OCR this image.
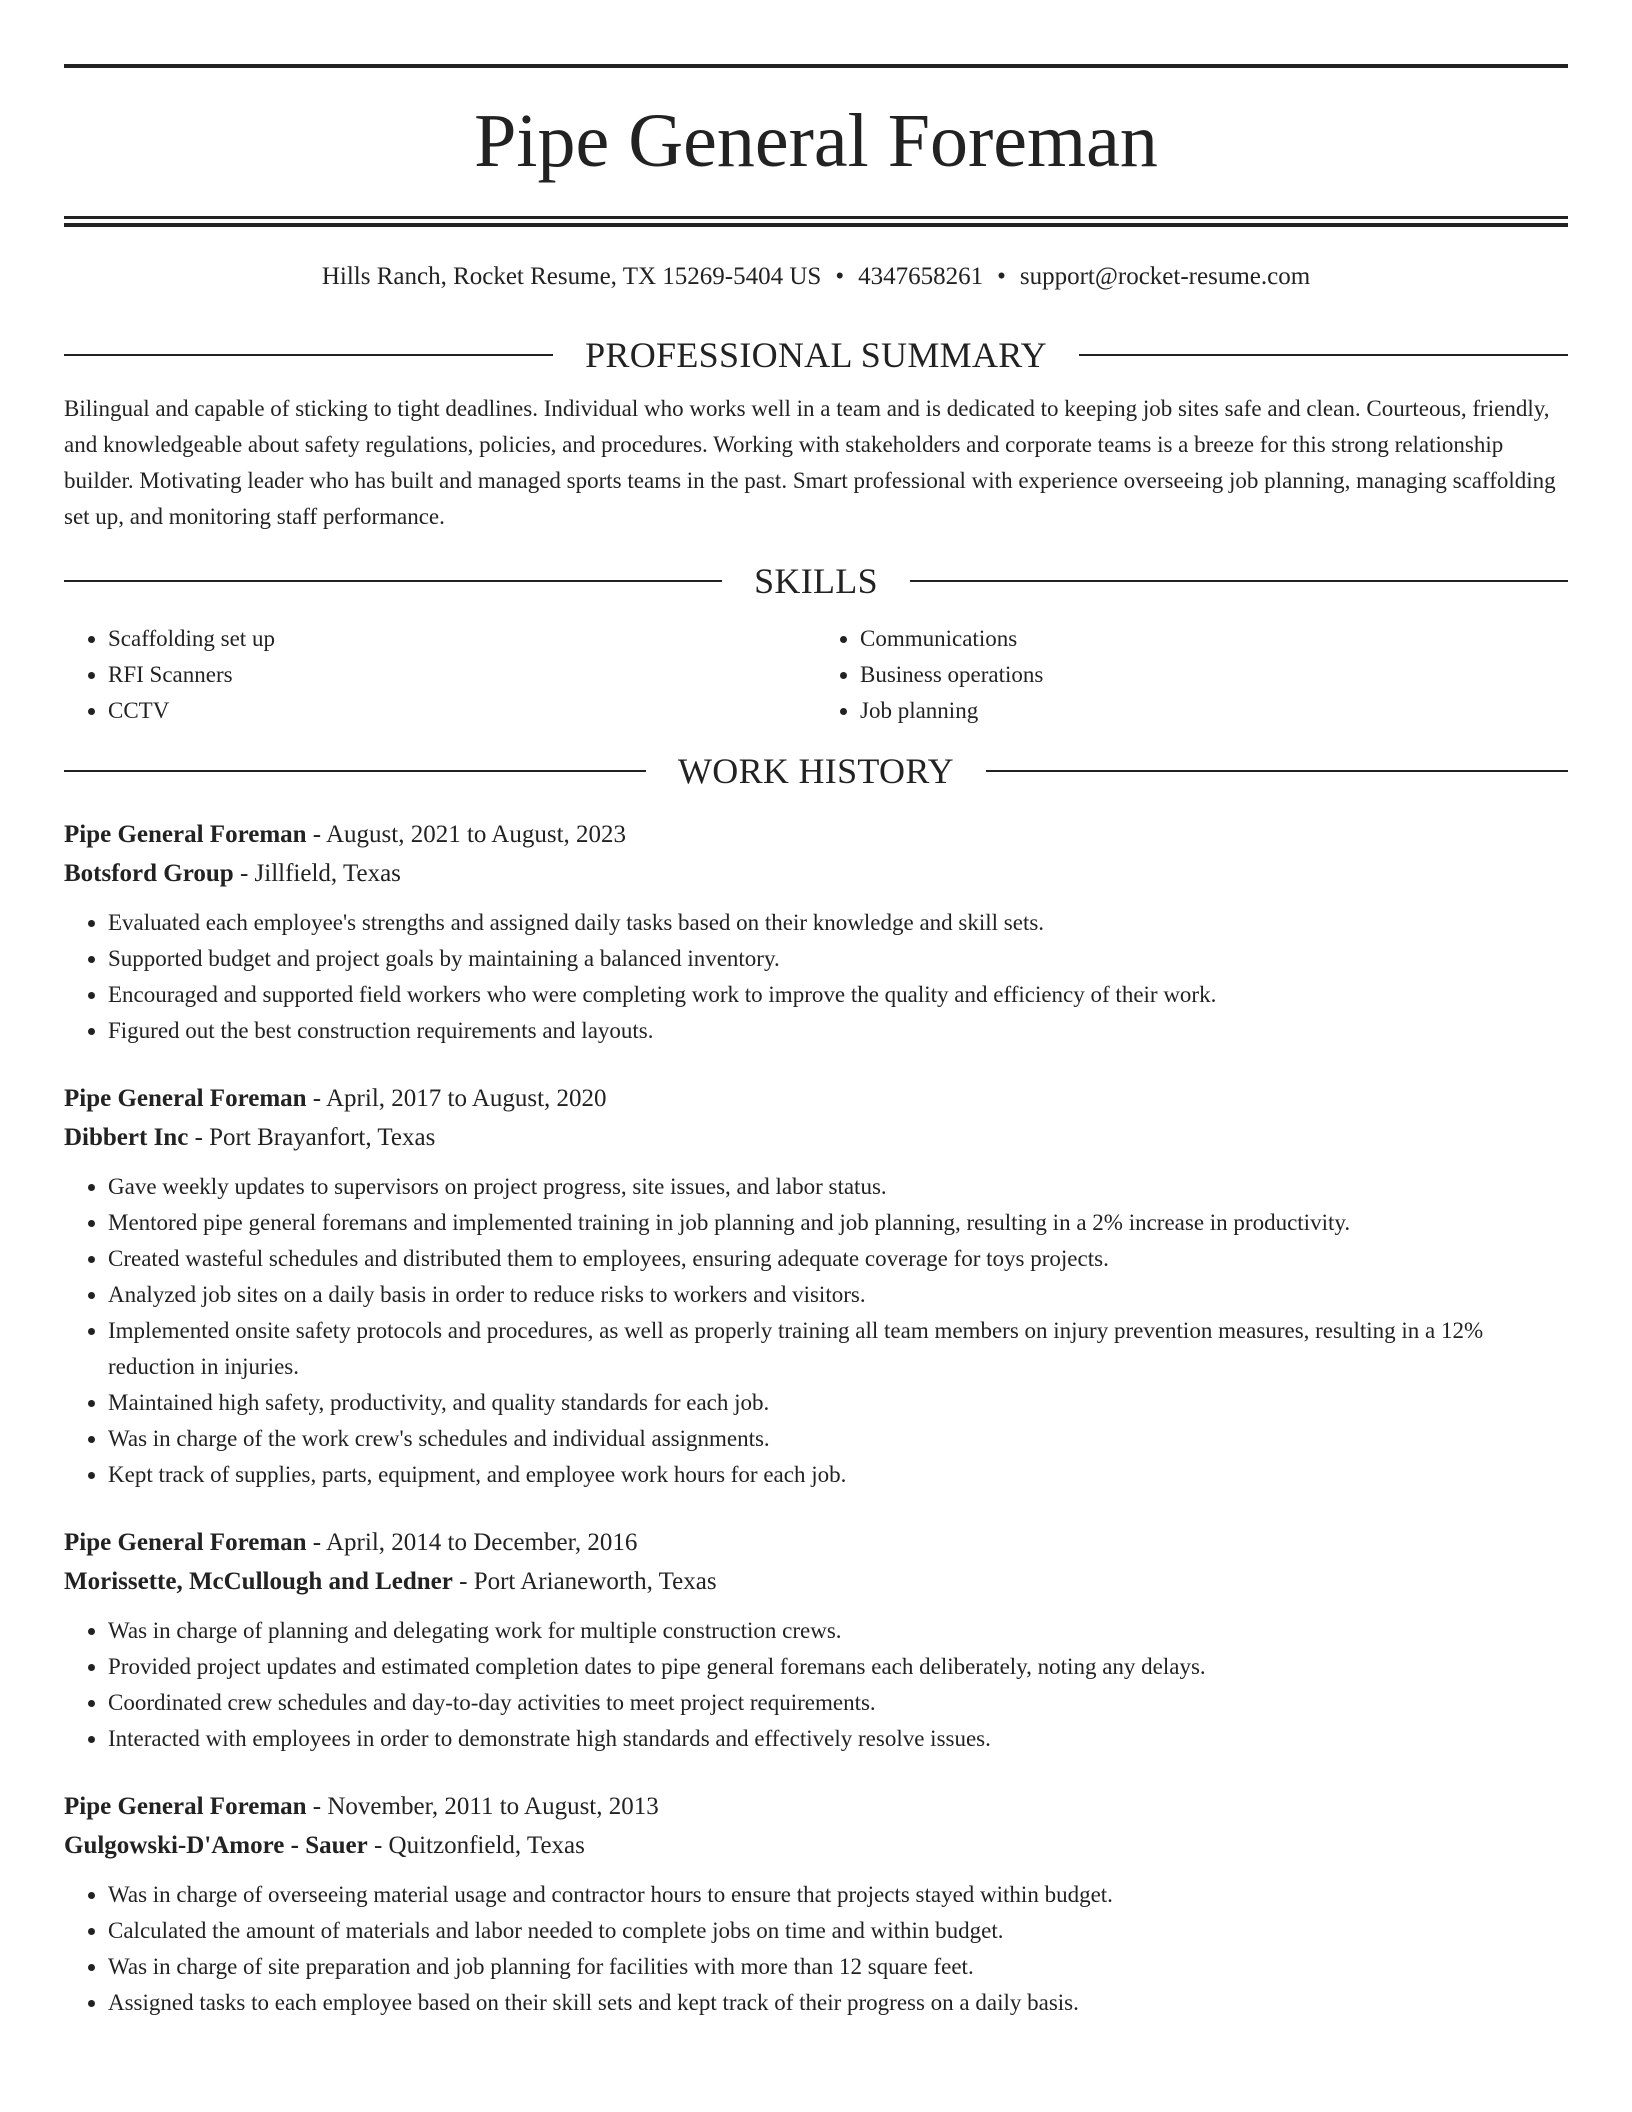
Pipe General Foreman
Hills Ranch, Rocket Resume, TX 15269-5404 US • 4347658261 • support@rocket-resume.com
PROFESSIONAL SUMMARY
Bilingual and capable of sticking to tight deadlines. Individual who works well in a team and is dedicated to keeping job sites safe and clean. Courteous, friendly, and knowledgeable about safety regulations, policies, and procedures. Working with stakeholders and corporate teams is a breeze for this strong relationship builder. Motivating leader who has built and managed sports teams in the past. Smart professional with experience overseeing job planning, managing scaffolding set up, and monitoring staff performance.
SKILLS
• Scaffolding set up
• RFI Scanners
• CCTV
• Communications
• Business operations
• Job planning
WORK HISTORY
Pipe General Foreman - August, 2021 to August, 2023
Botsford Group - Jillfield, Texas
• Evaluated each employee's strengths and assigned daily tasks based on their knowledge and skill sets.
• Supported budget and project goals by maintaining a balanced inventory.
• Encouraged and supported field workers who were completing work to improve the quality and efficiency of their work.
• Figured out the best construction requirements and layouts.
Pipe General Foreman - April, 2017 to August, 2020
Dibbert Inc - Port Brayanfort, Texas
• Gave weekly updates to supervisors on project progress, site issues, and labor status.
• Mentored pipe general foremans and implemented training in job planning and job planning, resulting in a 2% increase in productivity.
• Created wasteful schedules and distributed them to employees, ensuring adequate coverage for toys projects.
• Analyzed job sites on a daily basis in order to reduce risks to workers and visitors.
• Implemented onsite safety protocols and procedures, as well as properly training all team members on injury prevention measures, resulting in a 12% reduction in injuries.
• Maintained high safety, productivity, and quality standards for each job.
• Was in charge of the work crew's schedules and individual assignments.
• Kept track of supplies, parts, equipment, and employee work hours for each job.
Pipe General Foreman - April, 2014 to December, 2016
Morissette, McCullough and Ledner - Port Arianeworth, Texas
• Was in charge of planning and delegating work for multiple construction crews.
• Provided project updates and estimated completion dates to pipe general foremans each deliberately, noting any delays.
• Coordinated crew schedules and day-to-day activities to meet project requirements.
• Interacted with employees in order to demonstrate high standards and effectively resolve issues.
Pipe General Foreman - November, 2011 to August, 2013
Gulgowski-D'Amore - Sauer - Quitzonfield, Texas
• Was in charge of overseeing material usage and contractor hours to ensure that projects stayed within budget.
• Calculated the amount of materials and labor needed to complete jobs on time and within budget.
• Was in charge of site preparation and job planning for facilities with more than 12 square feet.
• Assigned tasks to each employee based on their skill sets and kept track of their progress on a daily basis.
